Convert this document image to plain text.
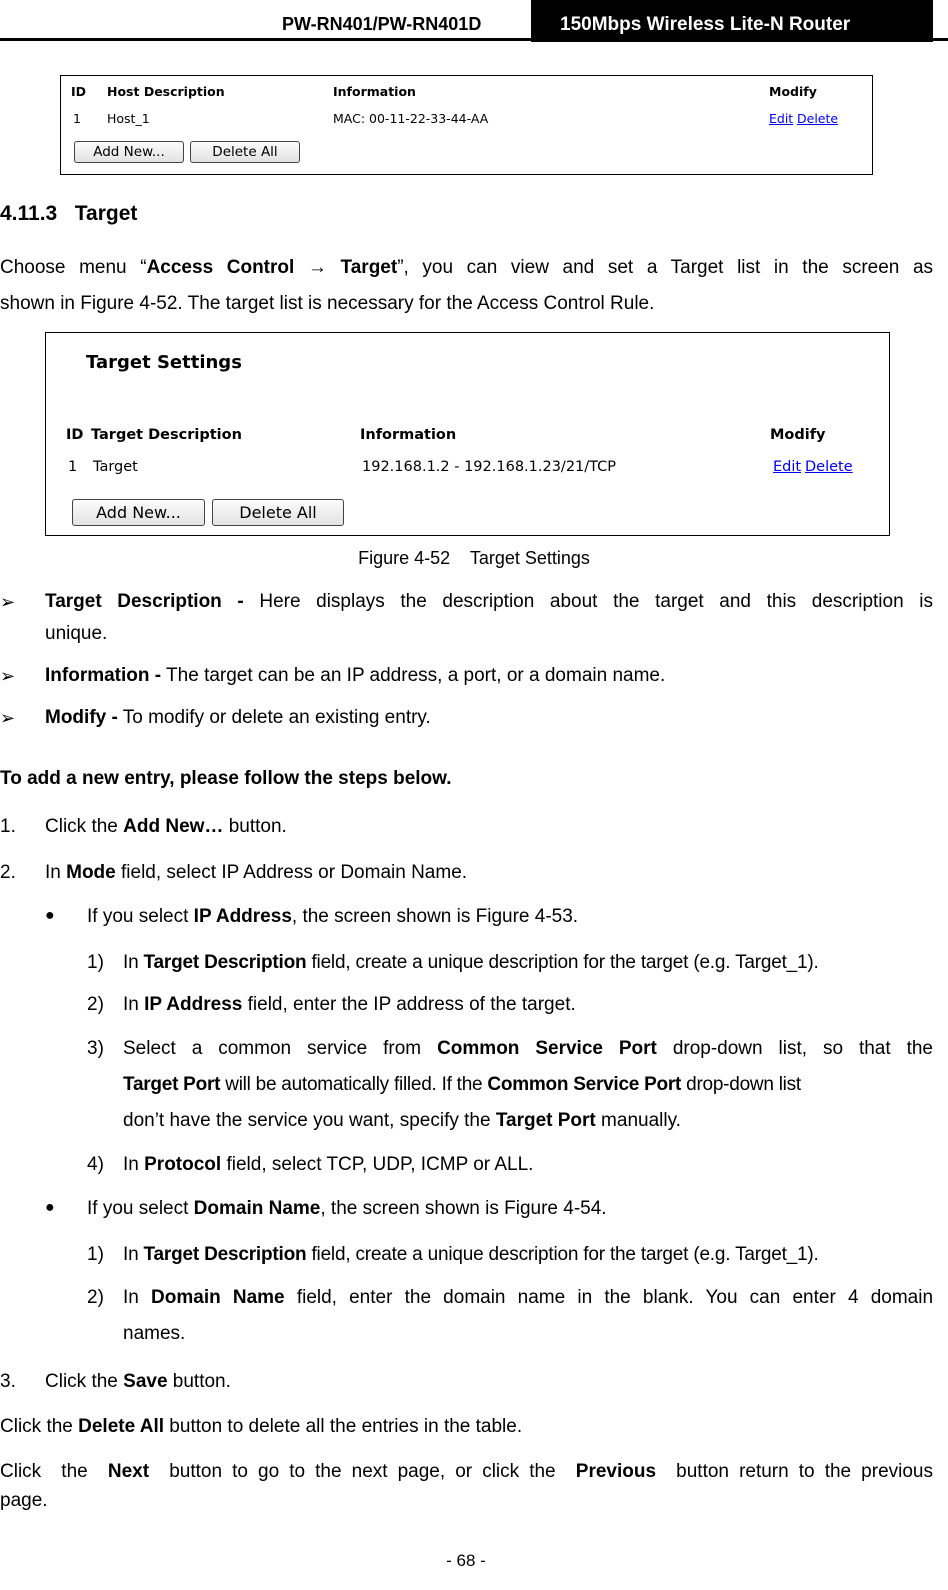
PW-RN401/PW-RN401D	150Mbps Wireless Lite-N Router
ID Host Description	Information	Modify
1 Host_1	MAC: 00-11-22-33-44-AA	Edit Delete
Add New...	Delete All
4.11.3 Target
Choose menu “Access Control → Target”, you can view and set a Target list in the screen as
shown in Figure 4-52. The target list is necessary for the Access Control Rule.
Target Settings
ID Target Description	Information	Modify
1 Target	192.168.1.2 - 192.168.1.23/21/TCP	Edit Delete
Add New...	Delete All
Figure 4-52    Target Settings
➢ Target Description - Here displays the description about the target and this description is
unique.
➢ Information - The target can be an IP address, a port, or a domain name.
➢ Modify - To modify or delete an existing entry.
To add a new entry, please follow the steps below.
1. Click the Add New… button.
2. In Mode field, select IP Address or Domain Name.
● If you select IP Address, the screen shown is Figure 4-53.
1) In Target Description field, create a unique description for the target (e.g. Target_1).
2) In IP Address field, enter the IP address of the target.
3) Select  a  common  service  from  Common  Service  Port  drop-down  list,  so  that  the
Target Port will be automatically filled. If the Common Service Port drop-down list
don’t have the service you want, specify the Target Port manually.
4) In Protocol field, select TCP, UDP, ICMP or ALL.
● If you select Domain Name, the screen shown is Figure 4-54.
1) In Target Description field, create a unique description for the target (e.g. Target_1).
2) In Domain Name field, enter the domain name in the blank. You can enter 4 domain
names.
3. Click the Save button.
Click the Delete All button to delete all the entries in the table.
Click  the  Next  button to go to the next page, or click the  Previous  button return to the previous
page.
- 68 -
